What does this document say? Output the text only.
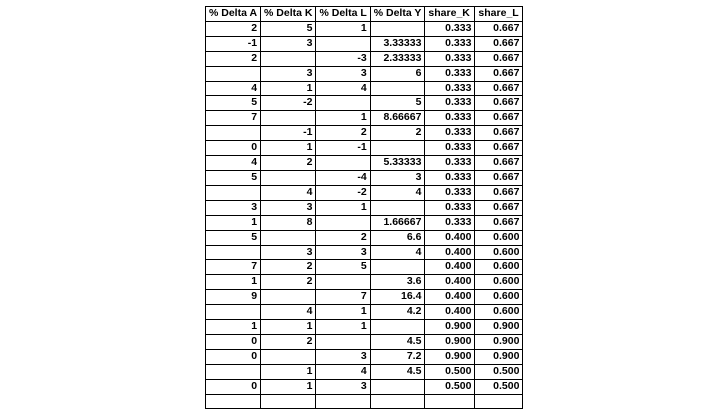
% Delta A	% Delta K	% Delta L	% Delta Y	share_K	share_L
2	5	1		0.333	0.667
-1	3		3.33333	0.333	0.667
2		-3	2.33333	0.333	0.667
	3	3	6	0.333	0.667
4	1	4		0.333	0.667
5	-2		5	0.333	0.667
7		1	8.66667	0.333	0.667
	-1	2	2	0.333	0.667
0	1	-1		0.333	0.667
4	2		5.33333	0.333	0.667
5		-4	3	0.333	0.667
	4	-2	4	0.333	0.667
3	3	1		0.333	0.667
1	8		1.66667	0.333	0.667
5		2	6.6	0.400	0.600
	3	3	4	0.400	0.600
7	2	5		0.400	0.600
1	2		3.6	0.400	0.600
9		7	16.4	0.400	0.600
	4	1	4.2	0.400	0.600
1	1	1		0.900	0.900
0	2		4.5	0.900	0.900
0		3	7.2	0.900	0.900
	1	4	4.5	0.500	0.500
0	1	3		0.500	0.500
